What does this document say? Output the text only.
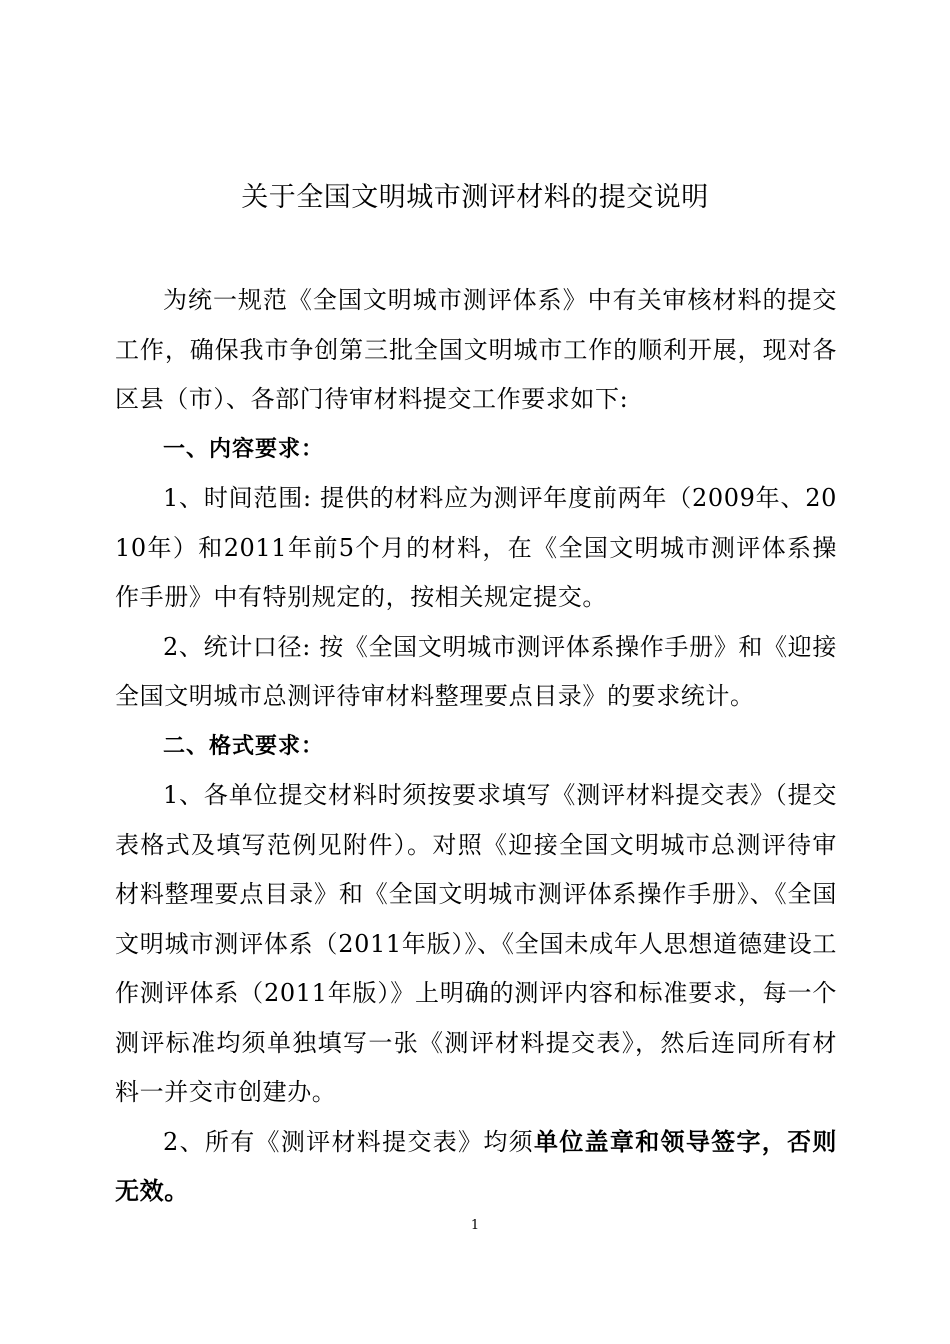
关于全国文明城市测评材料的提交说明

为统一规范《全国文明城市测评体系》中有关审核材料的提交工作，确保我市争创第三批全国文明城市工作的顺利开展，现对各区县（市）、各部门待审材料提交工作要求如下:

一、内容要求：

1、时间范围: 提供的材料应为测评年度前两年（2009年、2010年）和2011年前5个月的材料，在《全国文明城市测评体系操作手册》中有特别规定的，按相关规定提交。

2、统计口径: 按《全国文明城市测评体系操作手册》和《迎接全国文明城市总测评待审材料整理要点目录》的要求统计。

二、格式要求：

1、各单位提交材料时须按要求填写《测评材料提交表》（提交表格式及填写范例见附件）。对照《迎接全国文明城市总测评待审材料整理要点目录》和《全国文明城市测评体系操作手册》、《全国文明城市测评体系（2011年版）》、《全国未成年人思想道德建设工作测评体系（2011年版）》上明确的测评内容和标准要求，每一个测评标准均须单独填写一张《测评材料提交表》，然后连同所有材料一并交市创建办。

2、所有《测评材料提交表》均须单位盖章和领导签字，否则无效。

1
